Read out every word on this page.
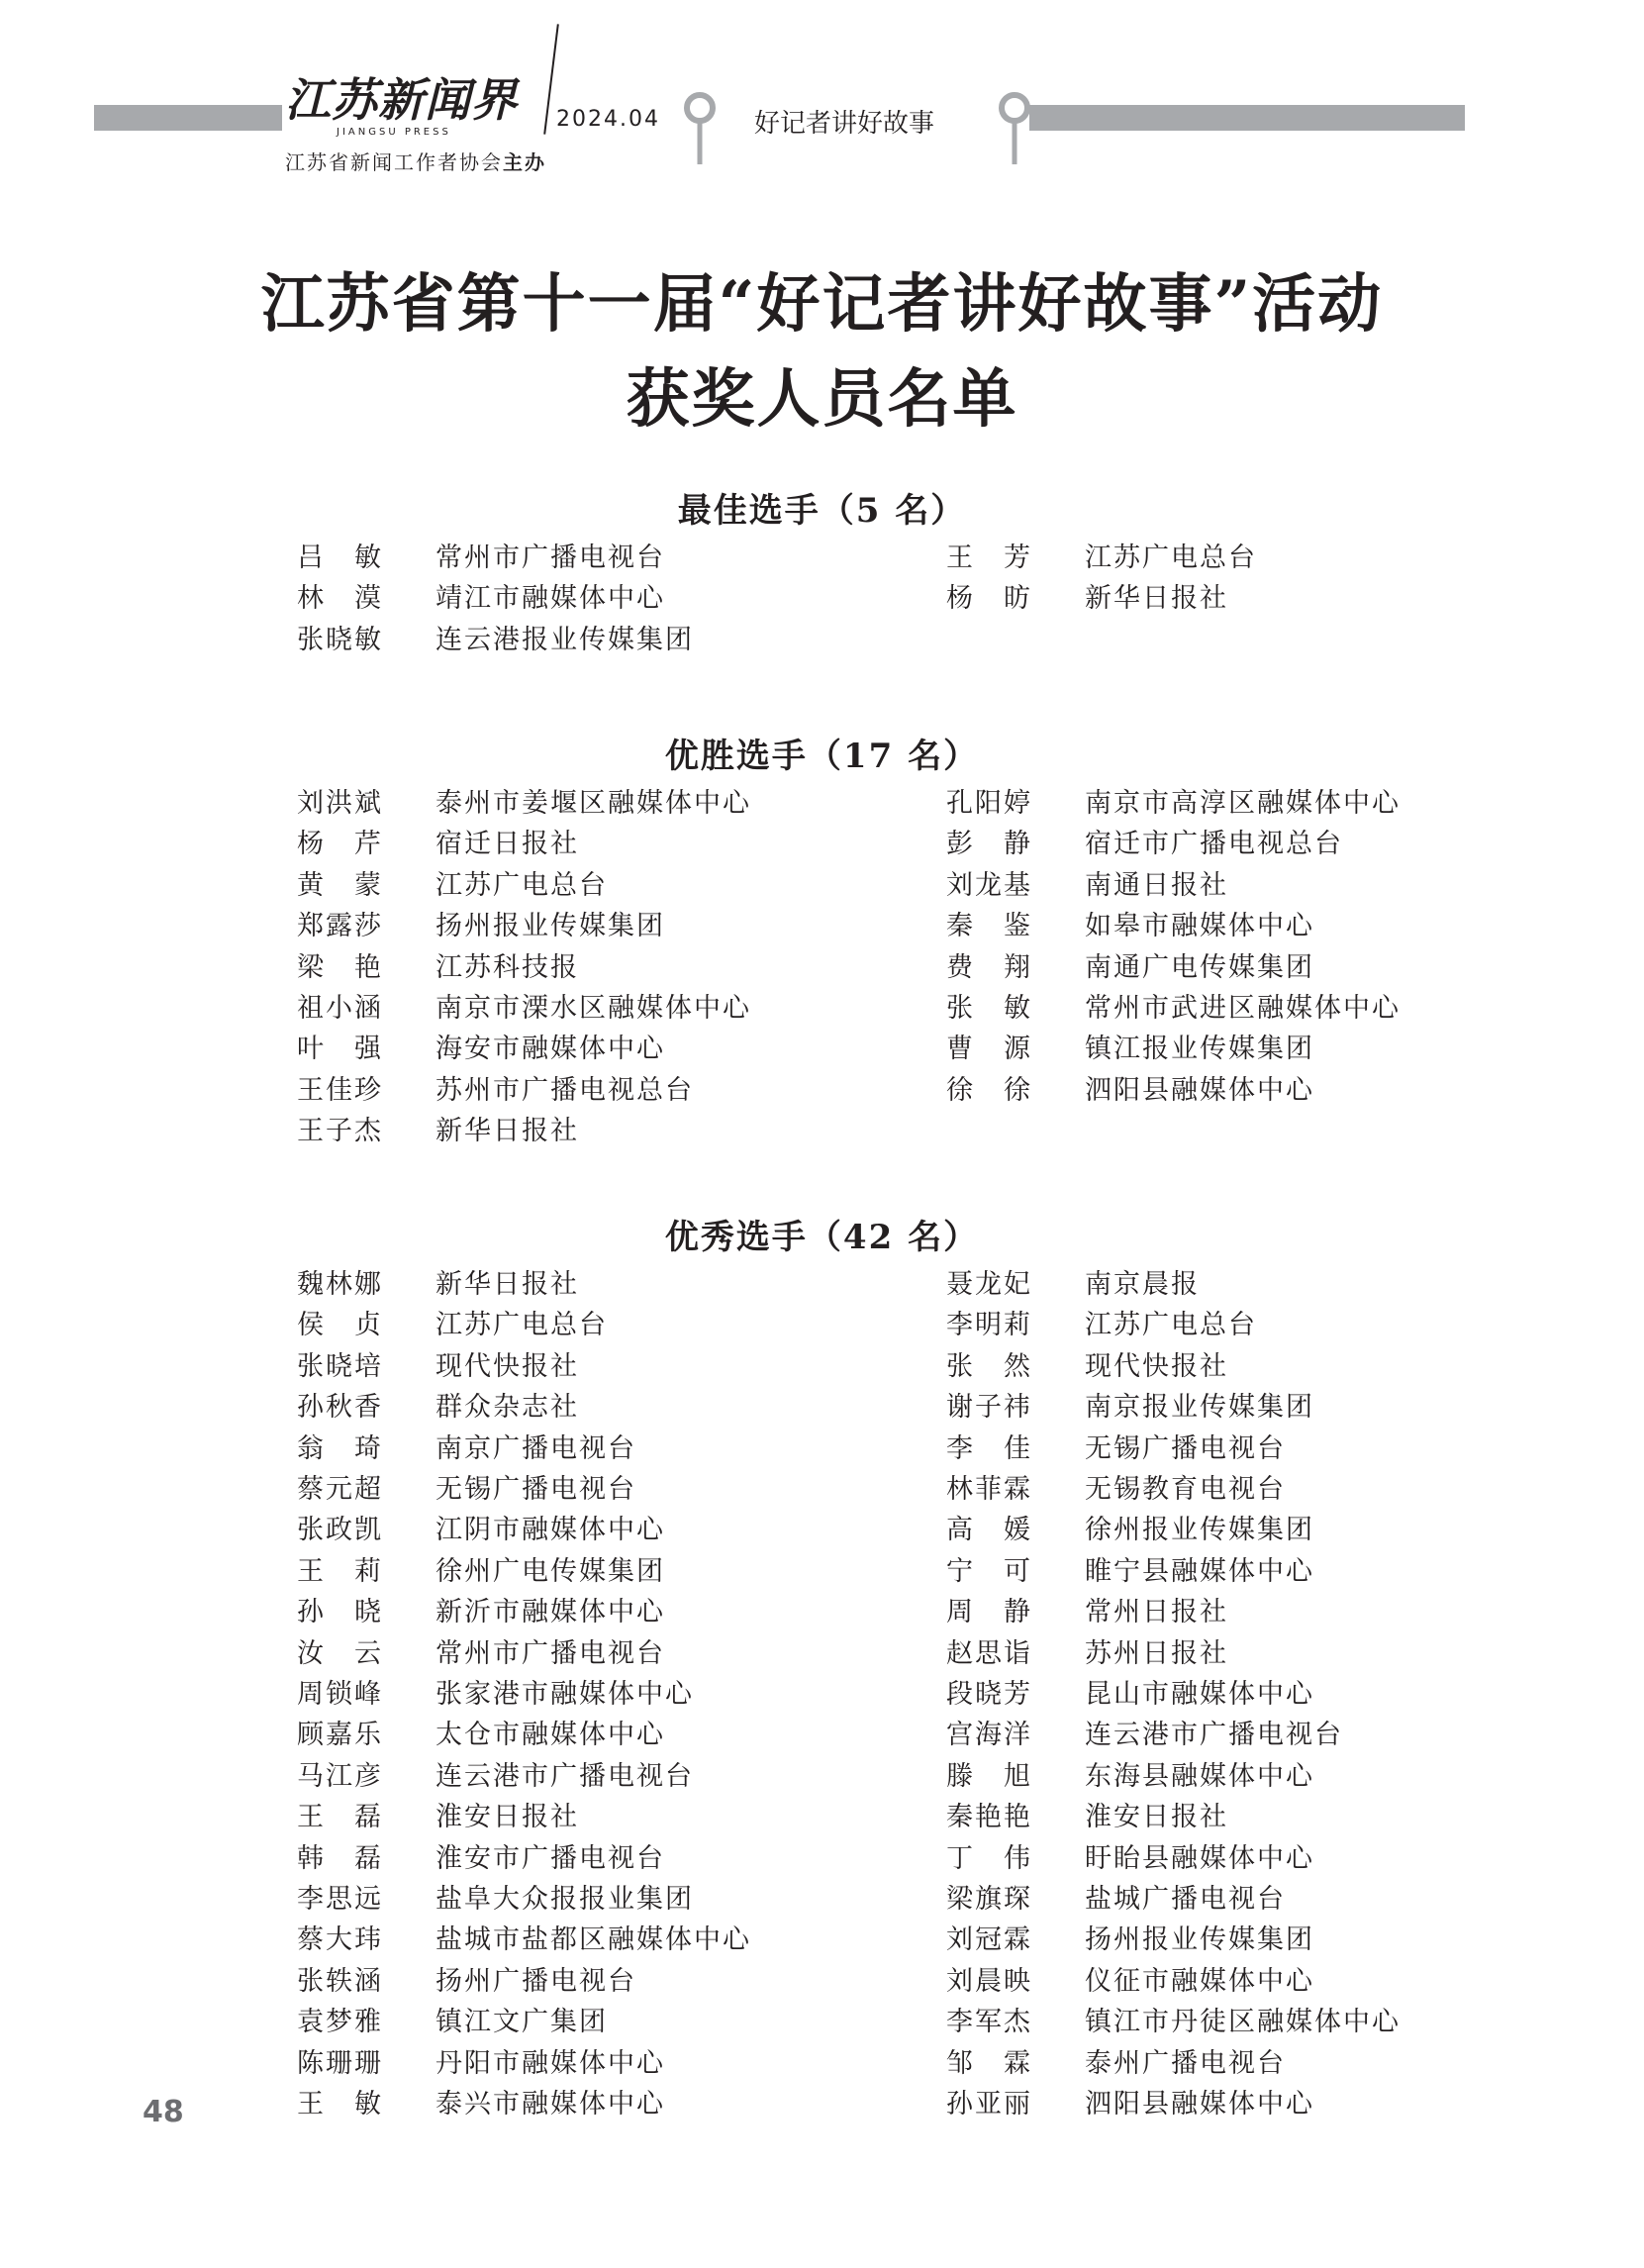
江苏新闻界
JIANGSU PRESS
2024.04
江苏省新闻工作者协会主办
好记者讲好故事
江苏省第十一届“好记者讲好故事”活动
获奖人员名单
最佳选手（5 名）
吕　敏 常州市广播电视台	王　芳 江苏广电总台
林　漠 靖江市融媒体中心	杨　昉 新华日报社
张晓敏 连云港报业传媒集团
优胜选手（17 名）
刘洪斌 泰州市姜堰区融媒体中心	孔阳婷 南京市高淳区融媒体中心
杨　芹 宿迁日报社	彭　静 宿迁市广播电视总台
黄　蒙 江苏广电总台	刘龙基 南通日报社
郑露莎 扬州报业传媒集团	秦　鉴 如皋市融媒体中心
梁　艳 江苏科技报	费　翔 南通广电传媒集团
祖小涵 南京市溧水区融媒体中心	张　敏 常州市武进区融媒体中心
叶　强 海安市融媒体中心	曹　源 镇江报业传媒集团
王佳珍 苏州市广播电视总台	徐　徐 泗阳县融媒体中心
王子杰 新华日报社
优秀选手（42 名）
魏林娜 新华日报社	聂龙妃 南京晨报
侯　贞 江苏广电总台	李明莉 江苏广电总台
张晓培 现代快报社	张　然 现代快报社
孙秋香 群众杂志社	谢子祎 南京报业传媒集团
翁　琦 南京广播电视台	李　佳 无锡广播电视台
蔡元超 无锡广播电视台	林菲霖 无锡教育电视台
张政凯 江阴市融媒体中心	高　媛 徐州报业传媒集团
王　莉 徐州广电传媒集团	宁　可 睢宁县融媒体中心
孙　晓 新沂市融媒体中心	周　静 常州日报社
汝　云 常州市广播电视台	赵思诣 苏州日报社
周锁峰 张家港市融媒体中心	段晓芳 昆山市融媒体中心
顾嘉乐 太仓市融媒体中心	宫海洋 连云港市广播电视台
马江彦 连云港市广播电视台	滕　旭 东海县融媒体中心
王　磊 淮安日报社	秦艳艳 淮安日报社
韩　磊 淮安市广播电视台	丁　伟 盱眙县融媒体中心
李思远 盐阜大众报报业集团	梁旗琛 盐城广播电视台
蔡大玮 盐城市盐都区融媒体中心	刘冠霖 扬州报业传媒集团
张轶涵 扬州广播电视台	刘晨映 仪征市融媒体中心
袁梦雅 镇江文广集团	李军杰 镇江市丹徒区融媒体中心
陈珊珊 丹阳市融媒体中心	邹　霖 泰州广播电视台
王　敏 泰兴市融媒体中心	孙亚丽 泗阳县融媒体中心
48
